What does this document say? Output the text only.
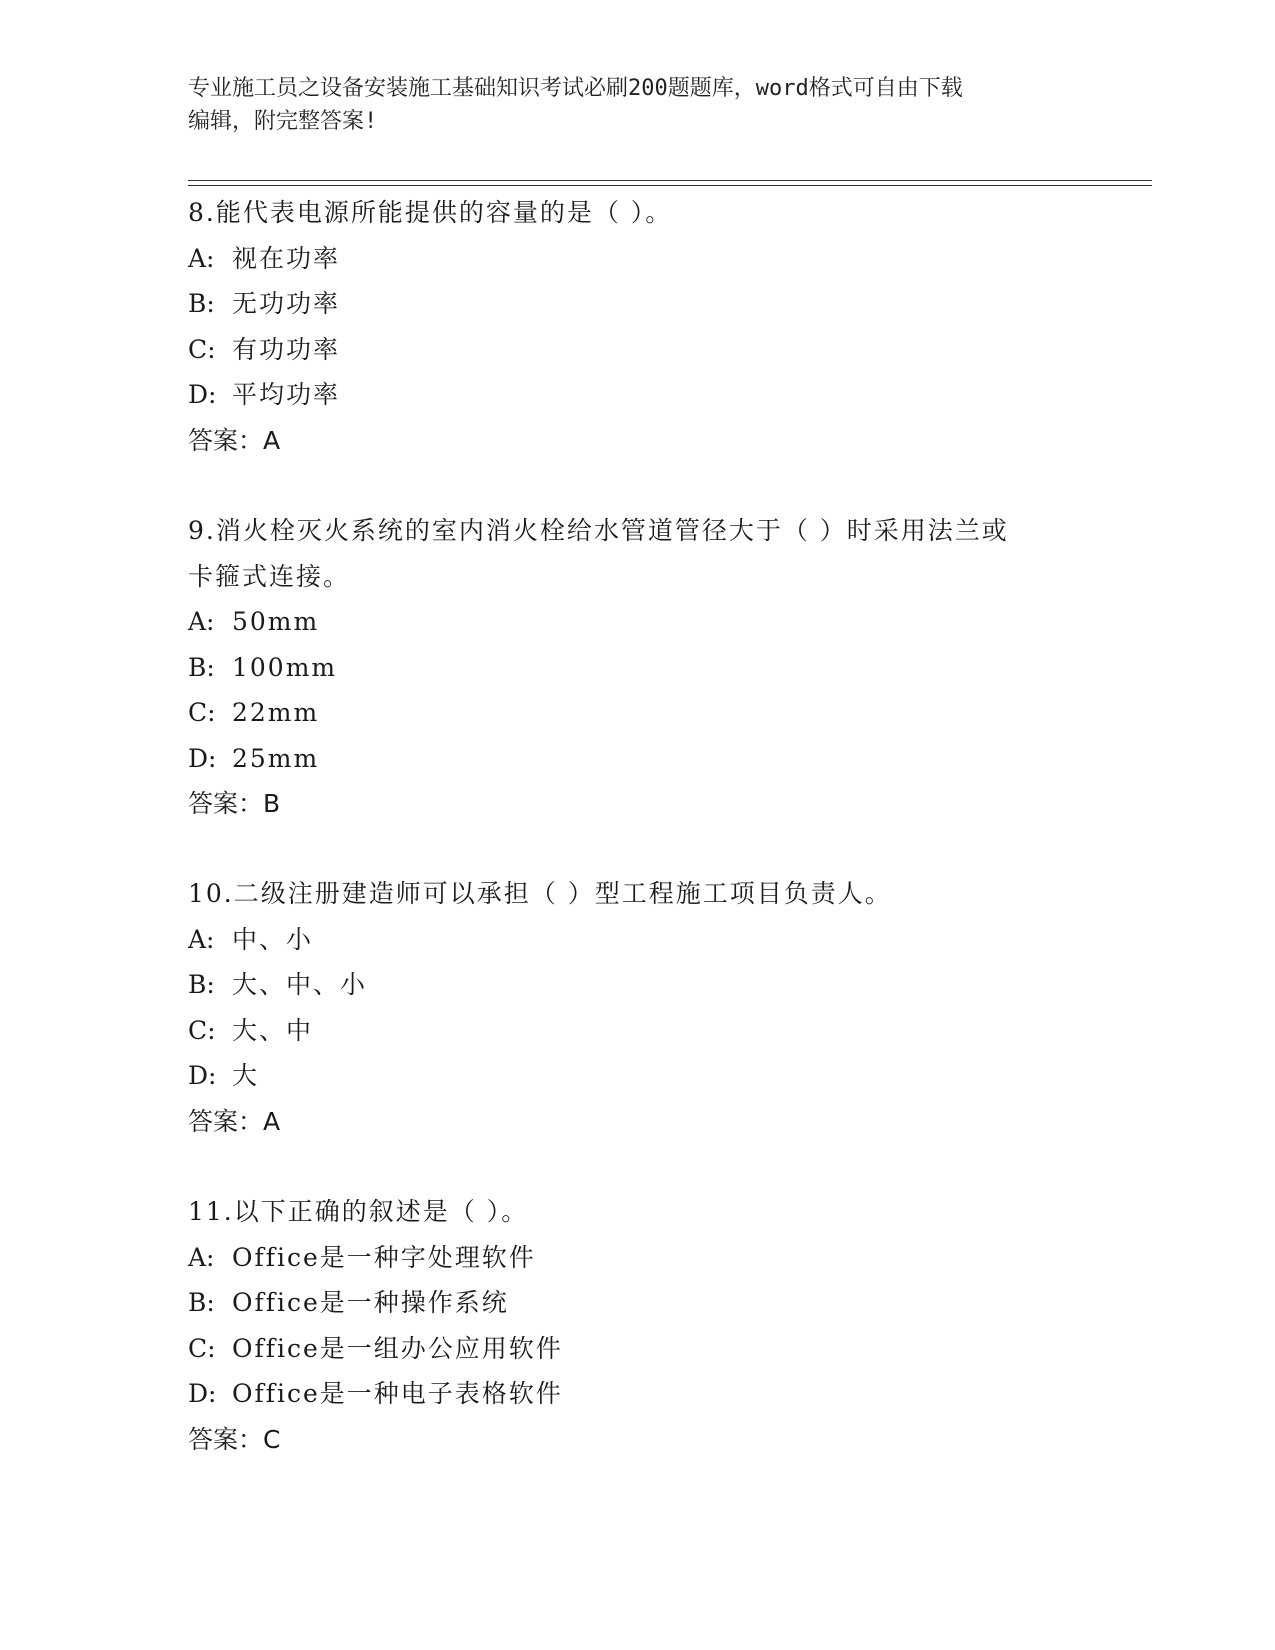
专业施工员之设备安装施工基础知识考试必刷200题题库，word格式可自由下载
编辑，附完整答案!
8.能代表电源所能提供的容量的是（ ）。
A: 视在功率
B: 无功功率
C: 有功功率
D: 平均功率
答案：A
9.消火栓灭火系统的室内消火栓给水管道管径大于（ ）时采用法兰或
卡箍式连接。
A: 50mm
B: 100mm
C: 22mm
D: 25mm
答案：B
10.二级注册建造师可以承担（ ）型工程施工项目负责人。
A: 中、小
B: 大、中、小
C: 大、中
D: 大
答案：A
11.以下正确的叙述是（ ）。
A: Office是一种字处理软件
B: Office是一种操作系统
C: Office是一组办公应用软件
D: Office是一种电子表格软件
答案：C
